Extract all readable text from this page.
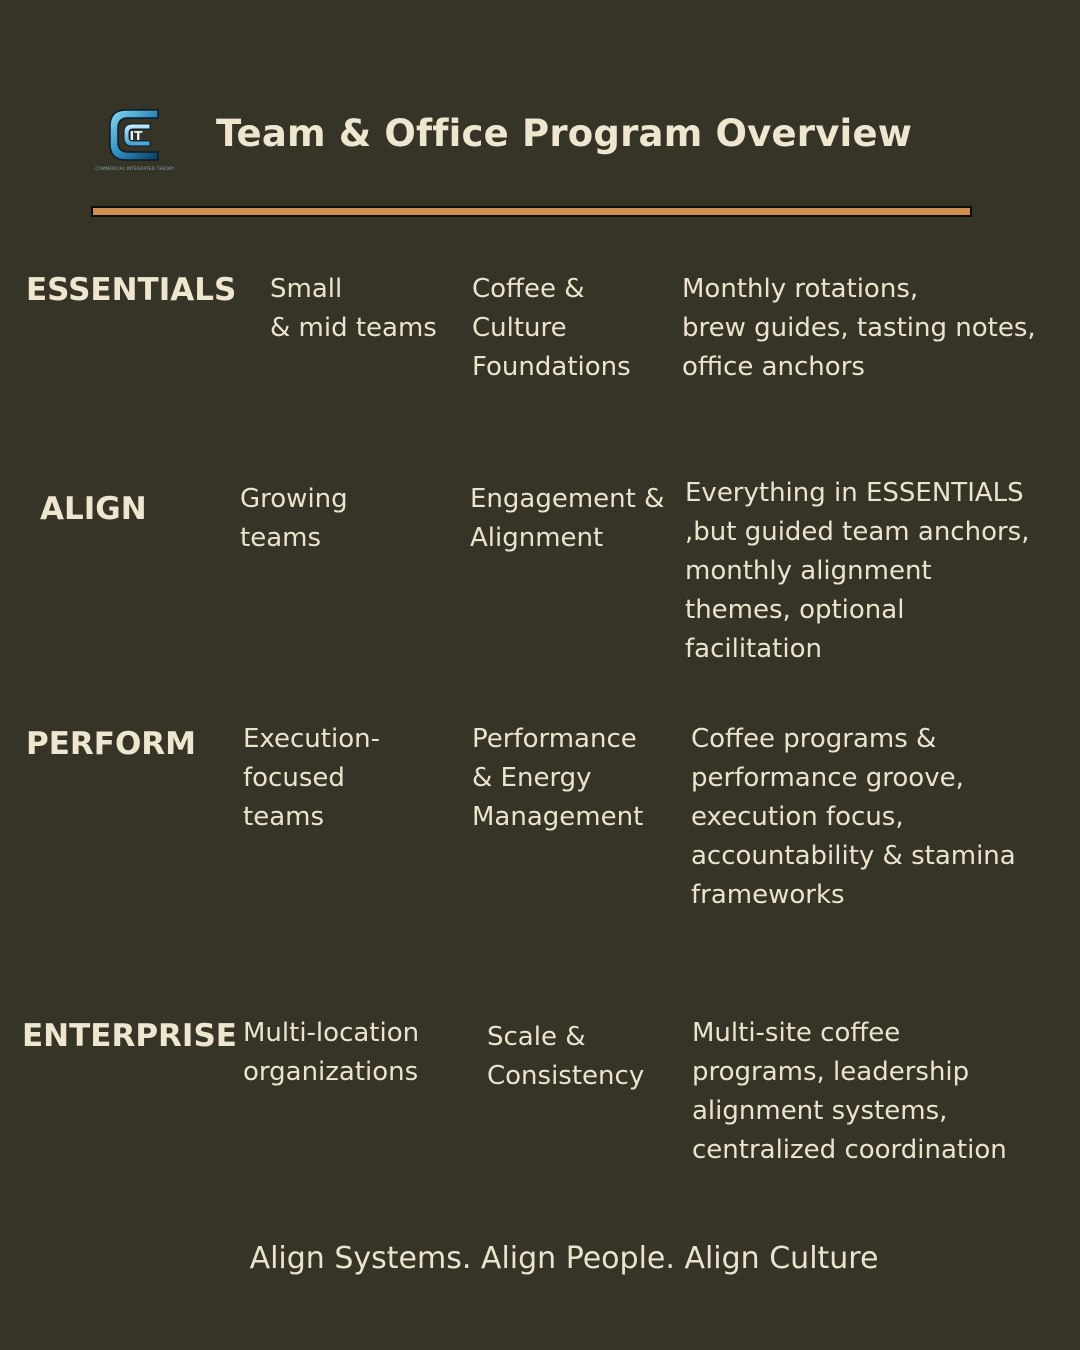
IT
COMMERCIAL INTEGRATED THEORY
Team & Office Program Overview
ESSENTIALS Small
& mid teams
Coffee &
Culture
Foundations
Monthly rotations,
brew guides, tasting notes,
office anchors
ALIGN	Growing
teams
Engagement &
Alignment
Everything in ESSENTIALS
,but guided team anchors,
monthly alignment
themes, optional
facilitation
PERFORM Execution-
focused
teams
Performance
& Energy
Management
Coffee programs &
performance groove,
execution focus,
accountability & stamina
frameworks
ENTERPRISE Multi-location
organizations
Scale &
Consistency
Multi-site coffee
programs, leadership
alignment systems,
centralized coordination
Align Systems. Align People. Align Culture
